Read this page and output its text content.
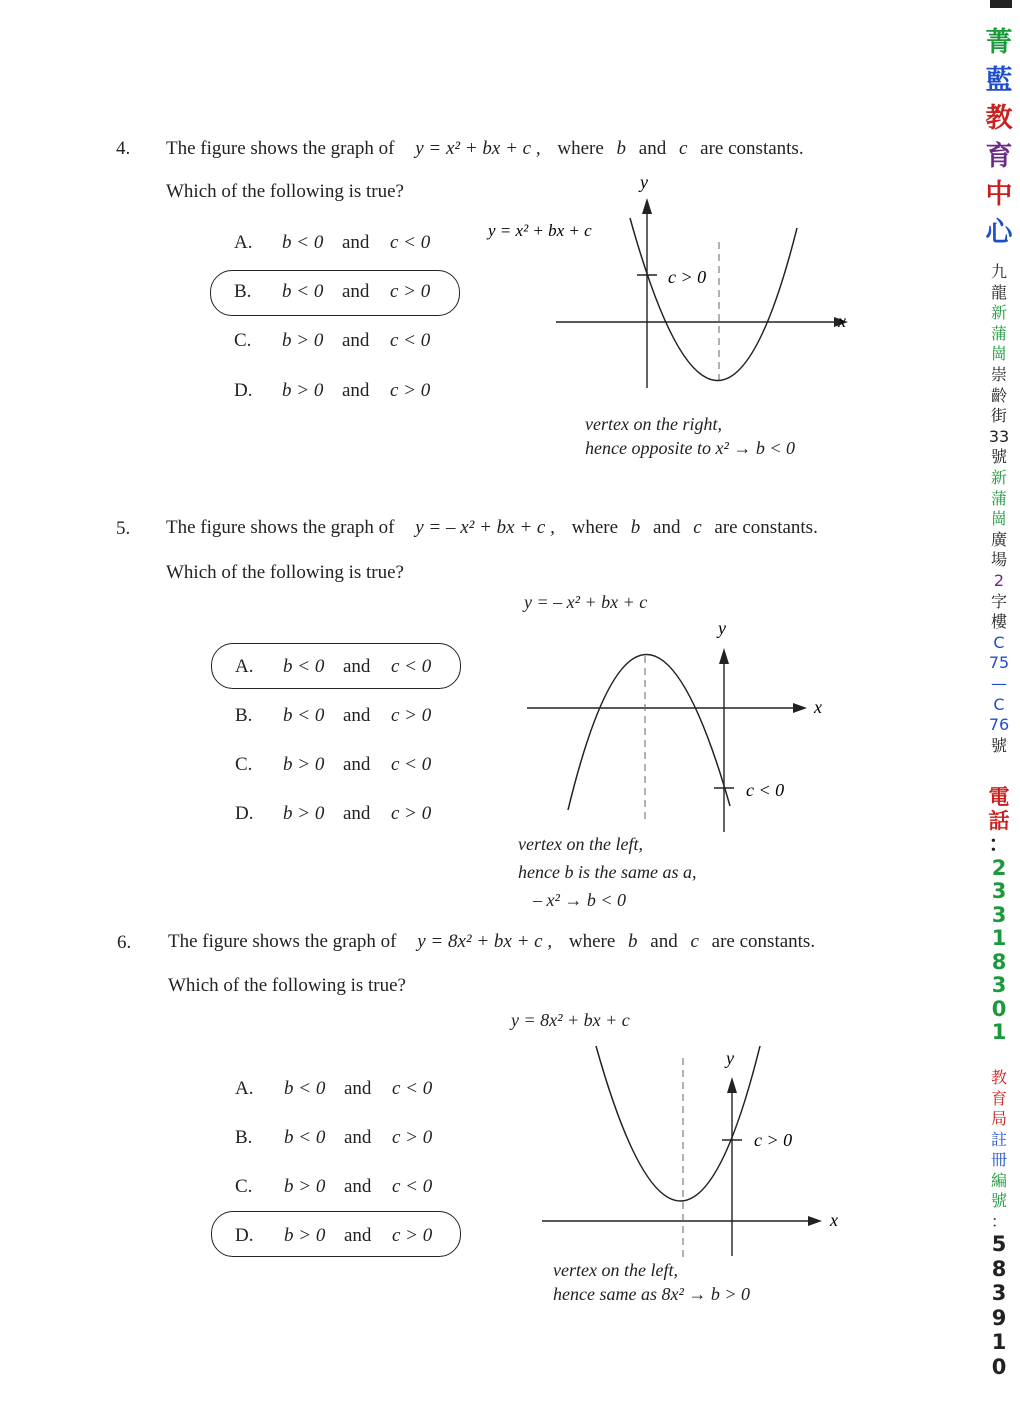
4. The figure shows the graph of y = x² + bx + c , where b and c are constants.
Which of the following is true?
A. b < 0 and c < 0
B. b < 0 and c > 0
C. b > 0 and c < 0
D. b > 0 and c > 0
x
y
y = x² + bx + c
c > 0
vertex on the right,
hence opposite to x² → b < 0
5. The figure shows the graph of y = – x² + bx + c , where b and c are constants.
Which of the following is true?
A. b < 0 and c < 0
B. b < 0 and c > 0
C. b > 0 and c < 0
D. b > 0 and c > 0
y = – x² + bx + c
x
y
c < 0
vertex on the left,
hence b is the same as a,
– x² → b < 0
6. The figure shows the graph of y = 8x² + bx + c , where b and c are constants.
Which of the following is true?
A. b < 0 and c < 0
B. b < 0 and c > 0
C. b > 0 and c < 0
D. b > 0 and c > 0
y = 8x² + bx + c
x
y
c > 0
vertex on the left,
hence same as 8x² → b > 0
菁
藍
教
育
中
心
九
龍
新
蒲
崗
崇
齡
街
33
號
新
蒲
崗
廣
場
2
字
樓
C
75
—
C
76
號
電
話
：
2
3
3
1
8
3
0
1
教
育
局
註
冊
編
號
：
5
8
3
9
1
0
